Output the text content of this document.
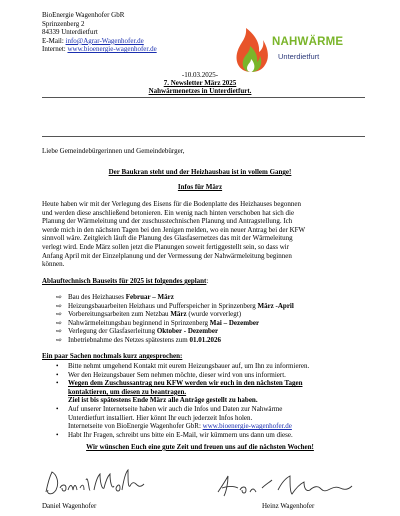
BioEnergie Wagenhofer GbR
Sprinzenberg 2
84339 Unterdietfurt
E-Mail: info@Agrar-Wagenhofer.de
Internet: www.bioenergie-wagenhofer.de
NAHWÄRME
Unterdietfurt
-10.03.2025-
7. Newsletter März 2025
Nahwärmenetzes in Unterdietfurt.
Liebe Gemeindebürgerinnen und Gemeindebürger,
Der Baukran steht und der Heizhausbau ist in vollem Gange!
Infos für März
Heute haben wir mit der Verlegung des Eisens für die Bodenplatte des Heizhauses begonnen
und werden diese anschließend betonieren. Ein wenig nach hinten verschoben hat sich die
Planung der Wärmeleitung und der zuschusstechnischen Planung und Antragstellung. Ich
werde mich in den nächsten Tagen bei den Jenigen melden, wo ein neuer Antrag bei der KFW
sinnvoll wäre. Zeitgleich läuft die Planung des Glasfasernetzes das mit der Wärmeleitung
verlegt wird. Ende März sollen jetzt die Planungen soweit fertiggestellt sein, so dass wir
Anfang April mit der Einzelplanung und der Vermessung der Nahwärmeleitung beginnen
können.
Ablauftechnisch Bauseits für 2025 ist folgendes geplant:
⇨ Bau des Heizhauses Februar – März
⇨ Heizungsbauarbeiten Heizhaus und Pufferspeicher in Sprinzenberg März -April
⇨ Vorbereitungsarbeiten zum Netzbau März (wurde vorverlegt)
⇨ Nahwärmeleitungsbau beginnend in Sprinzenberg Mai – Dezember
⇨ Verlegung der Glasfaserleitung Oktober - Dezember
⇨ Inbetriebnahme des Netzes spätestens zum 01.01.2026
Ein paar Sachen nochmals kurz angesprochen:
• Bitte nehmt umgehend Kontakt mit eurem Heizungsbauer auf, um Ihn zu informieren.
• Wer den Heizungsbauer Sem nehmen möchte, dieser wird von uns informiert.
• Wegen dem Zuschussantrag neu KFW werden wir euch in den nächsten Tagen
kontaktieren, um diesen zu beantragen.
Ziel ist bis spätestens Ende März alle Anträge gestellt zu haben.
• Auf unserer Internetseite haben wir auch die Infos und Daten zur Nahwärme
Unterdietfurt installiert. Hier könnt Ihr euch jederzeit Infos holen.
Internetseite von BioEnergie Wagenhofer GbR: www.bioenergie-wagenhofer.de
• Habt Ihr Fragen, schreibt uns bitte ein E-Mail, wir kümmern uns dann um diese.
Wir wünschen Euch eine gute Zeit und freuen uns auf die nächsten Wochen!
Daniel Wagenhofer	Heinz Wagenhofer
